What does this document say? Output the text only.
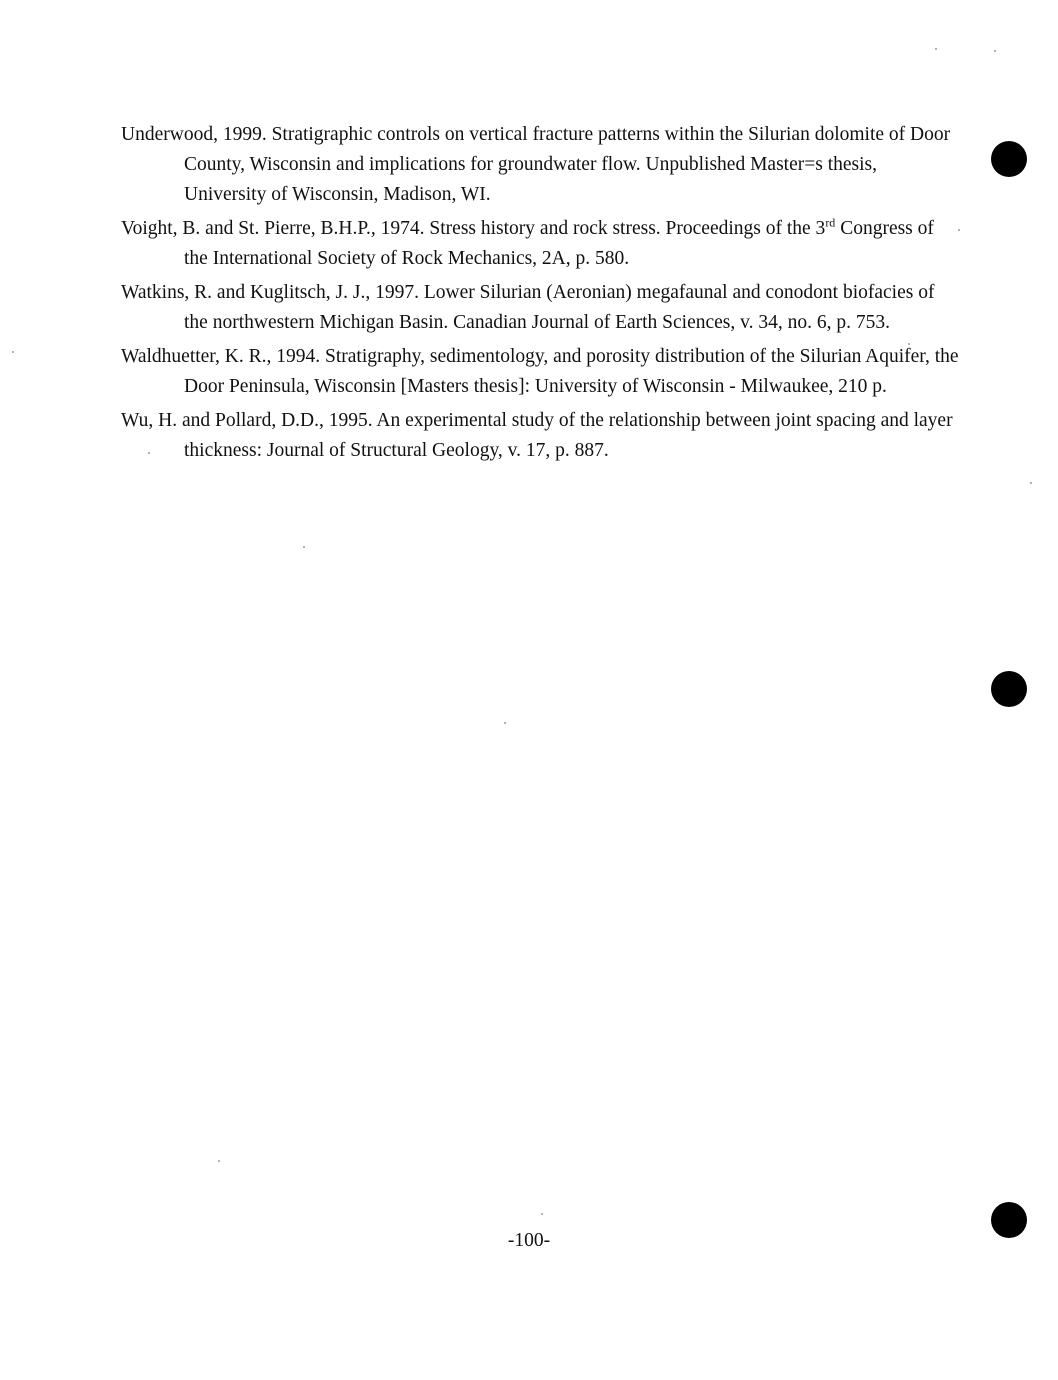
Underwood, 1999. Stratigraphic controls on vertical fracture patterns within the Silurian dolomite of Door County, Wisconsin and implications for groundwater flow. Unpublished Master=s thesis, University of Wisconsin, Madison, WI.

Voight, B. and St. Pierre, B.H.P., 1974. Stress history and rock stress. Proceedings of the 3rd Congress of the International Society of Rock Mechanics, 2A, p. 580.

Watkins, R. and Kuglitsch, J. J., 1997. Lower Silurian (Aeronian) megafaunal and conodont biofacies of the northwestern Michigan Basin. Canadian Journal of Earth Sciences, v. 34, no. 6, p. 753.

Waldhuetter, K. R., 1994. Stratigraphy, sedimentology, and porosity distribution of the Silurian Aquifer, the Door Peninsula, Wisconsin [Masters thesis]: University of Wisconsin - Milwaukee, 210 p.

Wu, H. and Pollard, D.D., 1995. An experimental study of the relationship between joint spacing and layer thickness: Journal of Structural Geology, v. 17, p. 887.

-100-
